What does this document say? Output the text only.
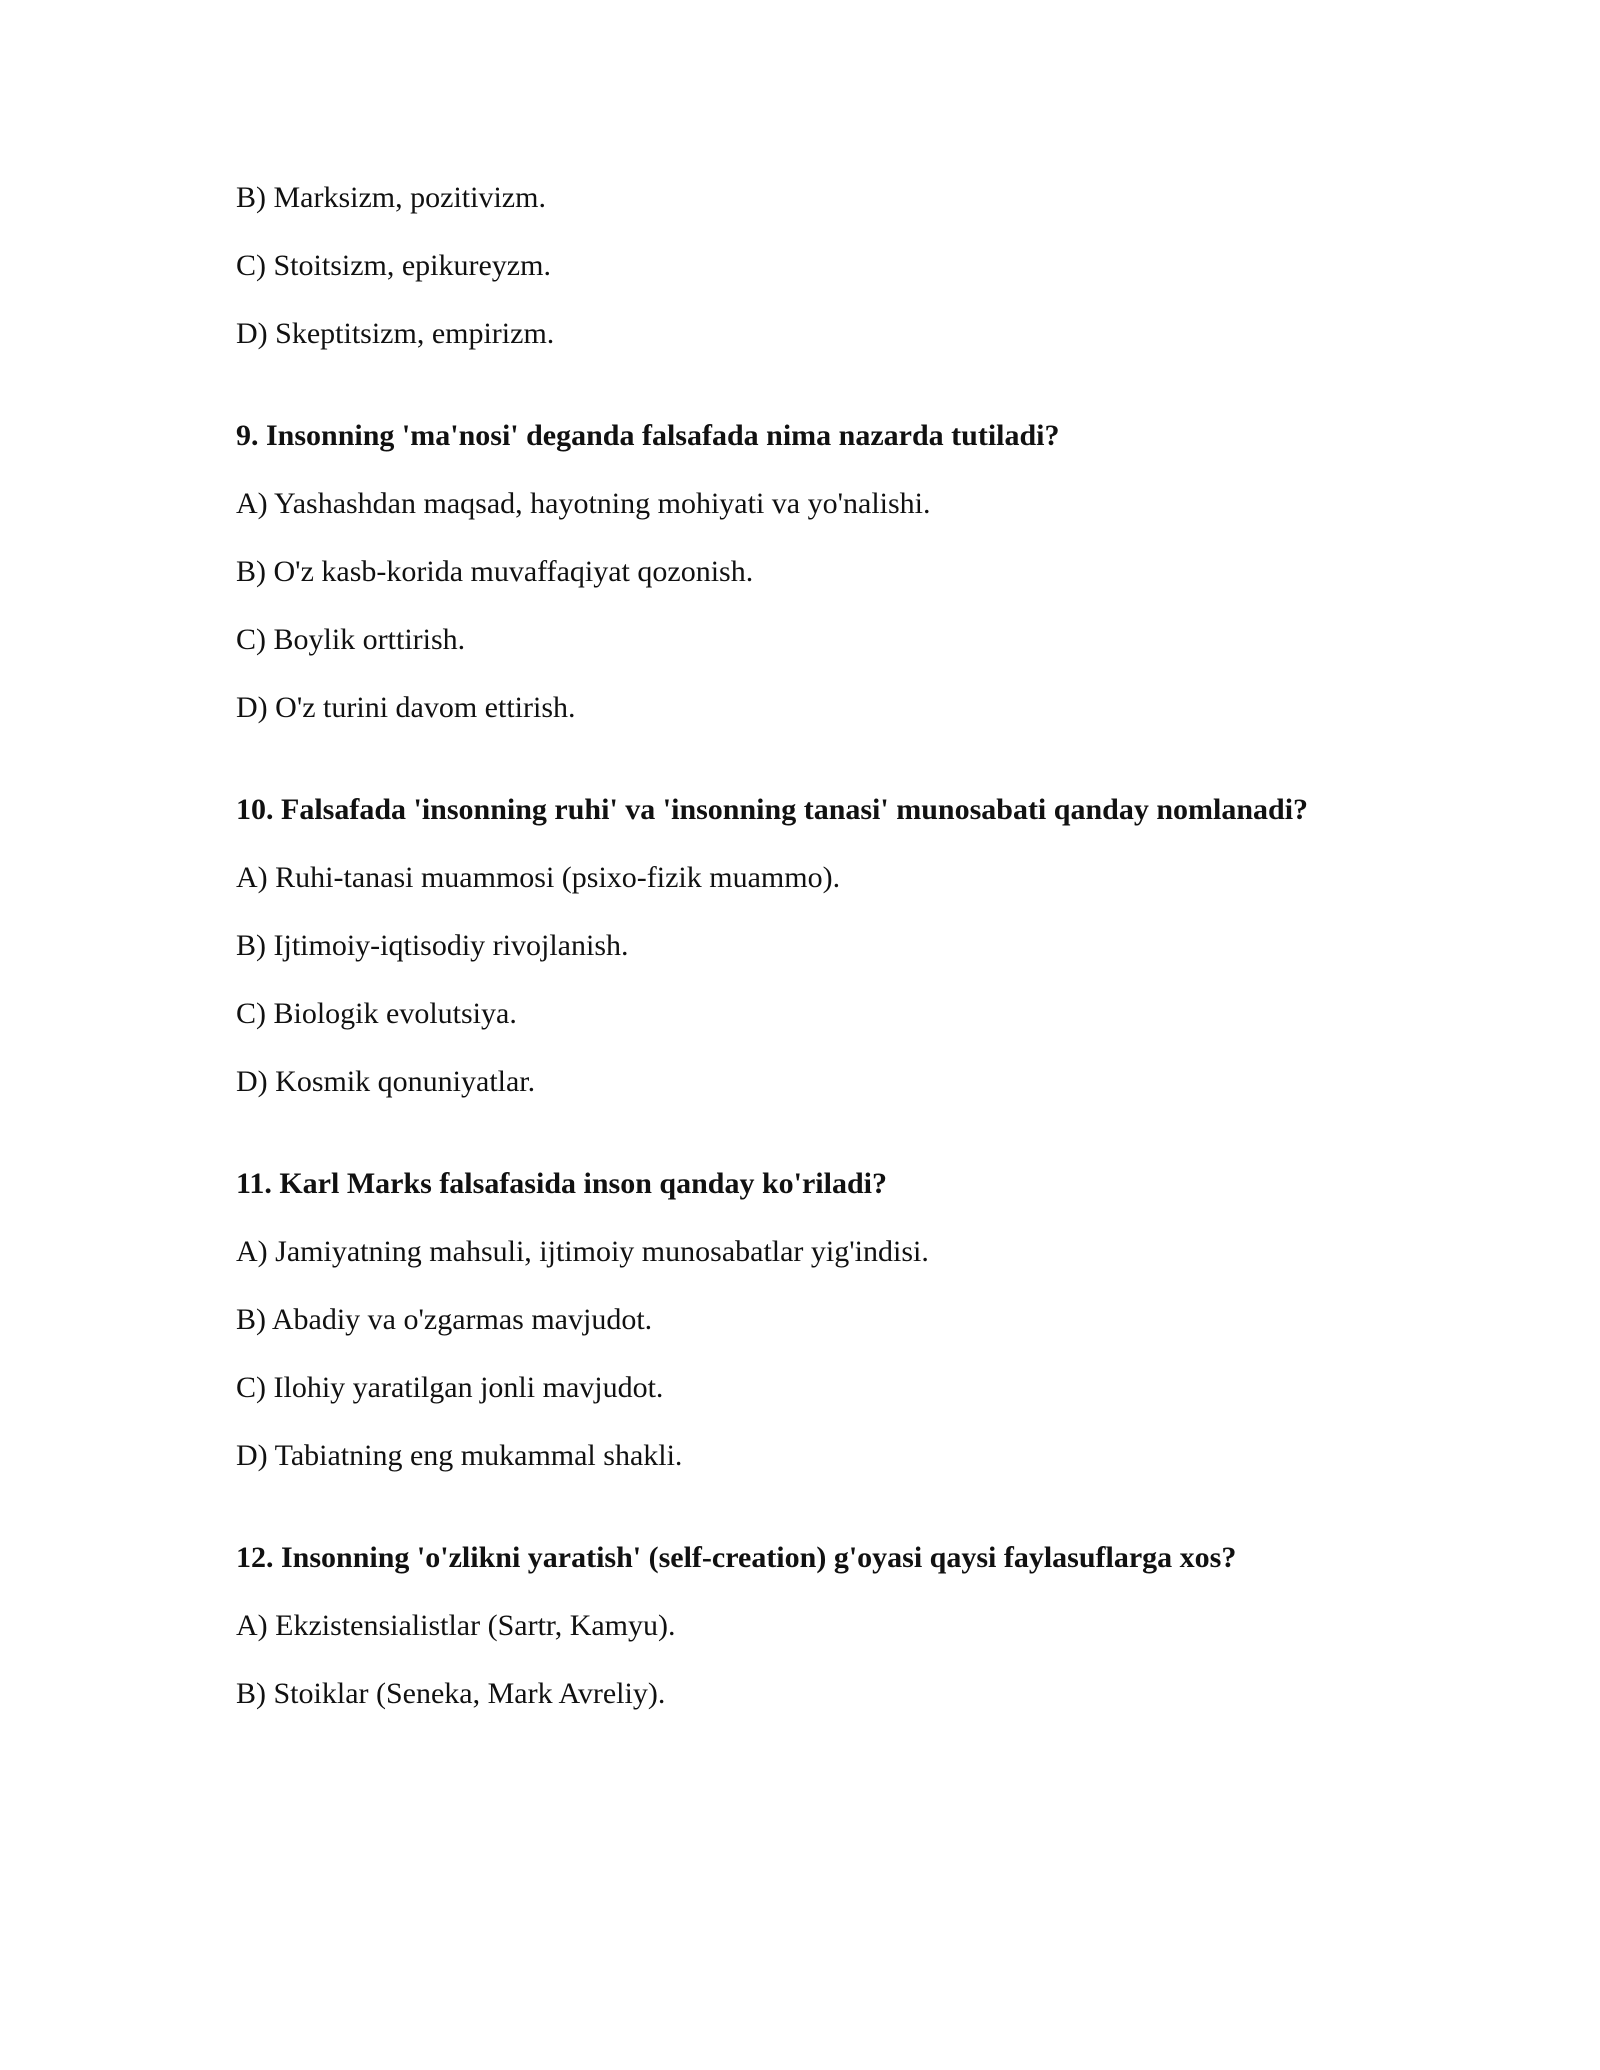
B) Marksizm, pozitivizm.
C) Stoitsizm, epikureyzm.
D) Skeptitsizm, empirizm.
9. Insonning 'ma'nosi' deganda falsafada nima nazarda tutiladi?
A) Yashashdan maqsad, hayotning mohiyati va yo'nalishi.
B) O'z kasb-korida muvaffaqiyat qozonish.
C) Boylik orttirish.
D) O'z turini davom ettirish.
10. Falsafada 'insonning ruhi' va 'insonning tanasi' munosabati qanday nomlanadi?
A) Ruhi-tanasi muammosi (psixo-fizik muammo).
B) Ijtimoiy-iqtisodiy rivojlanish.
C) Biologik evolutsiya.
D) Kosmik qonuniyatlar.
11. Karl Marks falsafasida inson qanday ko'riladi?
A) Jamiyatning mahsuli, ijtimoiy munosabatlar yig'indisi.
B) Abadiy va o'zgarmas mavjudot.
C) Ilohiy yaratilgan jonli mavjudot.
D) Tabiatning eng mukammal shakli.
12. Insonning 'o'zlikni yaratish' (self-creation) g'oyasi qaysi faylasuflarga xos?
A) Ekzistensialistlar (Sartr, Kamyu).
B) Stoiklar (Seneka, Mark Avreliy).
